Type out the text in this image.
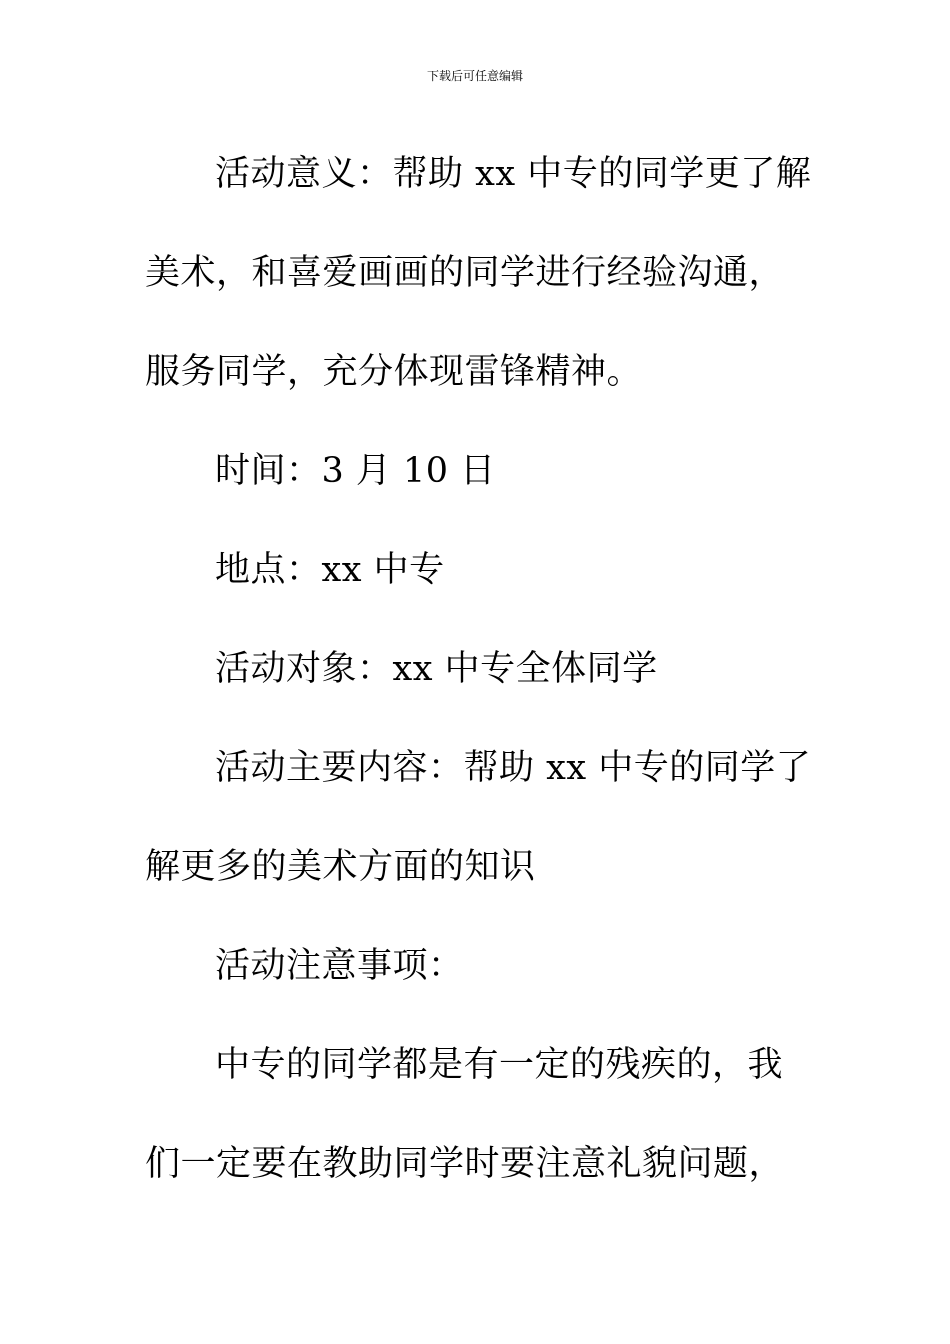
下载后可任意编辑
活动意义：帮助 xx 中专的同学更了解
美术，和喜爱画画的同学进行经验沟通，
服务同学，充分体现雷锋精神。
时间：3 月 10 日
地点：xx 中专
活动对象：xx 中专全体同学
活动主要内容：帮助 xx 中专的同学了
解更多的美术方面的知识
活动注意事项：
中专的同学都是有一定的残疾的，我
们一定要在教助同学时要注意礼貌问题，
